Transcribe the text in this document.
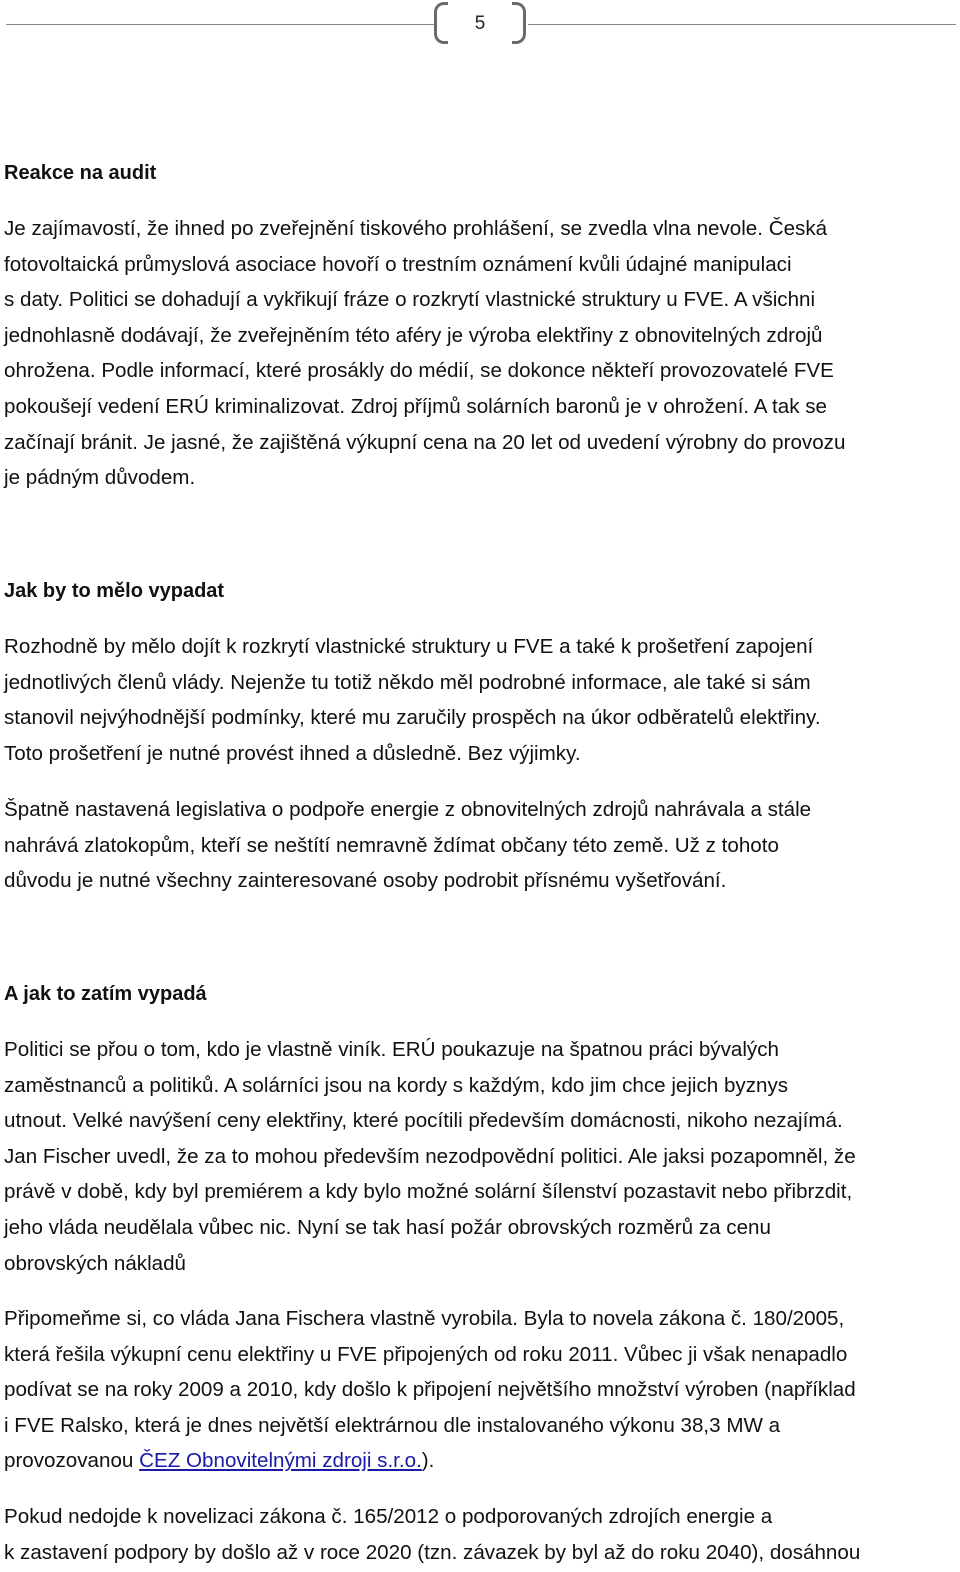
5
Reakce na audit

Je zajímavostí, že ihned po zveřejnění tiskového prohlášení, se zvedla vlna nevole. Česká
fotovoltaická průmyslová asociace hovoří o trestním oznámení kvůli údajné manipulaci
s daty. Politici se dohadují a vykřikují fráze o rozkrytí vlastnické struktury u FVE. A všichni
jednohlasně dodávají, že zveřejněním této aféry je výroba elektřiny z obnovitelných zdrojů
ohrožena. Podle informací, které prosákly do médií, se dokonce někteří provozovatelé FVE
pokoušejí vedení ERÚ kriminalizovat. Zdroj příjmů solárních baronů je v ohrožení. A tak se
začínají bránit. Je jasné, že zajištěná výkupní cena na 20 let od uvedení výrobny do provozu
je pádným důvodem.

Jak by to mělo vypadat

Rozhodně by mělo dojít k rozkrytí vlastnické struktury u FVE a také k prošetření zapojení
jednotlivých členů vlády. Nejenže tu totiž někdo měl podrobné informace, ale také si sám
stanovil nejvýhodnější podmínky, které mu zaručily prospěch na úkor odběratelů elektřiny.
Toto prošetření je nutné provést ihned a důsledně. Bez výjimky.

Špatně nastavená legislativa o podpoře energie z obnovitelných zdrojů nahrávala a stále
nahrává zlatokopům, kteří se neštítí nemravně ždímat občany této země. Už z tohoto
důvodu je nutné všechny zainteresované osoby podrobit přísnému vyšetřování.

A jak to zatím vypadá

Politici se přou o tom, kdo je vlastně viník. ERÚ poukazuje na špatnou práci bývalých
zaměstnanců a politiků. A solárníci jsou na kordy s každým, kdo jim chce jejich byznys
utnout. Velké navýšení ceny elektřiny, které pocítili především domácnosti, nikoho nezajímá.
Jan Fischer uvedl, že za to mohou především nezodpovědní politici. Ale jaksi pozapomněl, že
právě v době, kdy byl premiérem a kdy bylo možné solární šílenství pozastavit nebo přibrzdit,
jeho vláda neudělala vůbec nic. Nyní se tak hasí požár obrovských rozměrů za cenu
obrovských nákladů

Připomeňme si, co vláda Jana Fischera vlastně vyrobila. Byla to novela zákona č. 180/2005,
která řešila výkupní cenu elektřiny u FVE připojených od roku 2011. Vůbec ji však nenapadlo
podívat se na roky 2009 a 2010, kdy došlo k připojení největšího množství výroben (například
i FVE Ralsko, která je dnes největší elektrárnou dle instalovaného výkonu 38,3 MW a
provozovanou ČEZ Obnovitelnými zdroji s.r.o.).

Pokud nedojde k novelizaci zákona č. 165/2012 o podporovaných zdrojích energie a
k zastavení podpory by došlo až v roce 2020 (tzn. závazek by byl až do roku 2040), dosáhnou
